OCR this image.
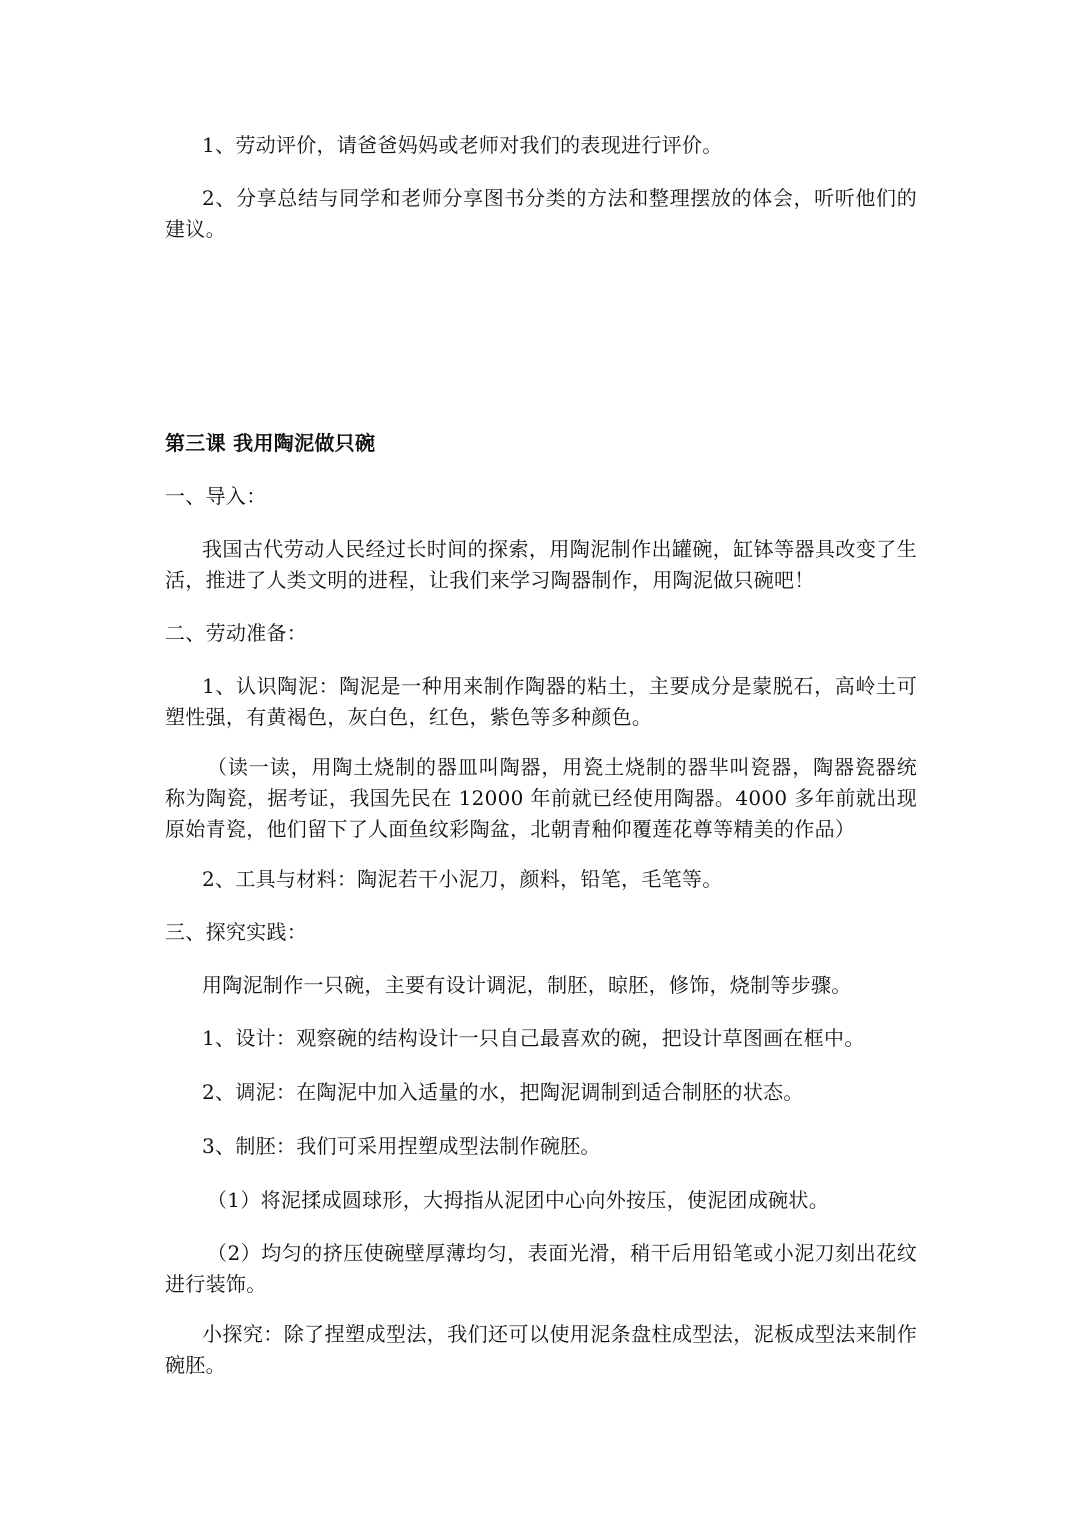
1、劳动评价，请爸爸妈妈或老师对我们的表现进行评价。

2、分享总结与同学和老师分享图书分类的方法和整理摆放的体会，听听他们的建议。

第三课 我用陶泥做只碗

一、导入：

我国古代劳动人民经过长时间的探索，用陶泥制作出罐碗，缸钵等器具改变了生活，推进了人类文明的进程，让我们来学习陶器制作，用陶泥做只碗吧！

二、劳动准备：

1、认识陶泥：陶泥是一种用来制作陶器的粘土，主要成分是蒙脱石，高岭土可塑性强，有黄褐色，灰白色，红色，紫色等多种颜色。

（读一读，用陶土烧制的器皿叫陶器，用瓷土烧制的器芈叫瓷器，陶器瓷器统称为陶瓷，据考证，我国先民在 12000 年前就已经使用陶器。4000 多年前就出现原始青瓷，他们留下了人面鱼纹彩陶盆，北朝青釉仰覆莲花尊等精美的作品）

2、工具与材料：陶泥若干小泥刀，颜料，铅笔，毛笔等。

三、探究实践：

用陶泥制作一只碗，主要有设计调泥，制胚，晾胚，修饰，烧制等步骤。

1、设计：观察碗的结构设计一只自己最喜欢的碗，把设计草图画在框中。

2、调泥：在陶泥中加入适量的水，把陶泥调制到适合制胚的状态。

3、制胚：我们可采用捏塑成型法制作碗胚。

（1）将泥揉成圆球形，大拇指从泥团中心向外按压，使泥团成碗状。

（2）均匀的挤压使碗壁厚薄均匀，表面光滑，稍干后用铅笔或小泥刀刻出花纹进行装饰。

小探究：除了捏塑成型法，我们还可以使用泥条盘柱成型法，泥板成型法来制作碗胚。
